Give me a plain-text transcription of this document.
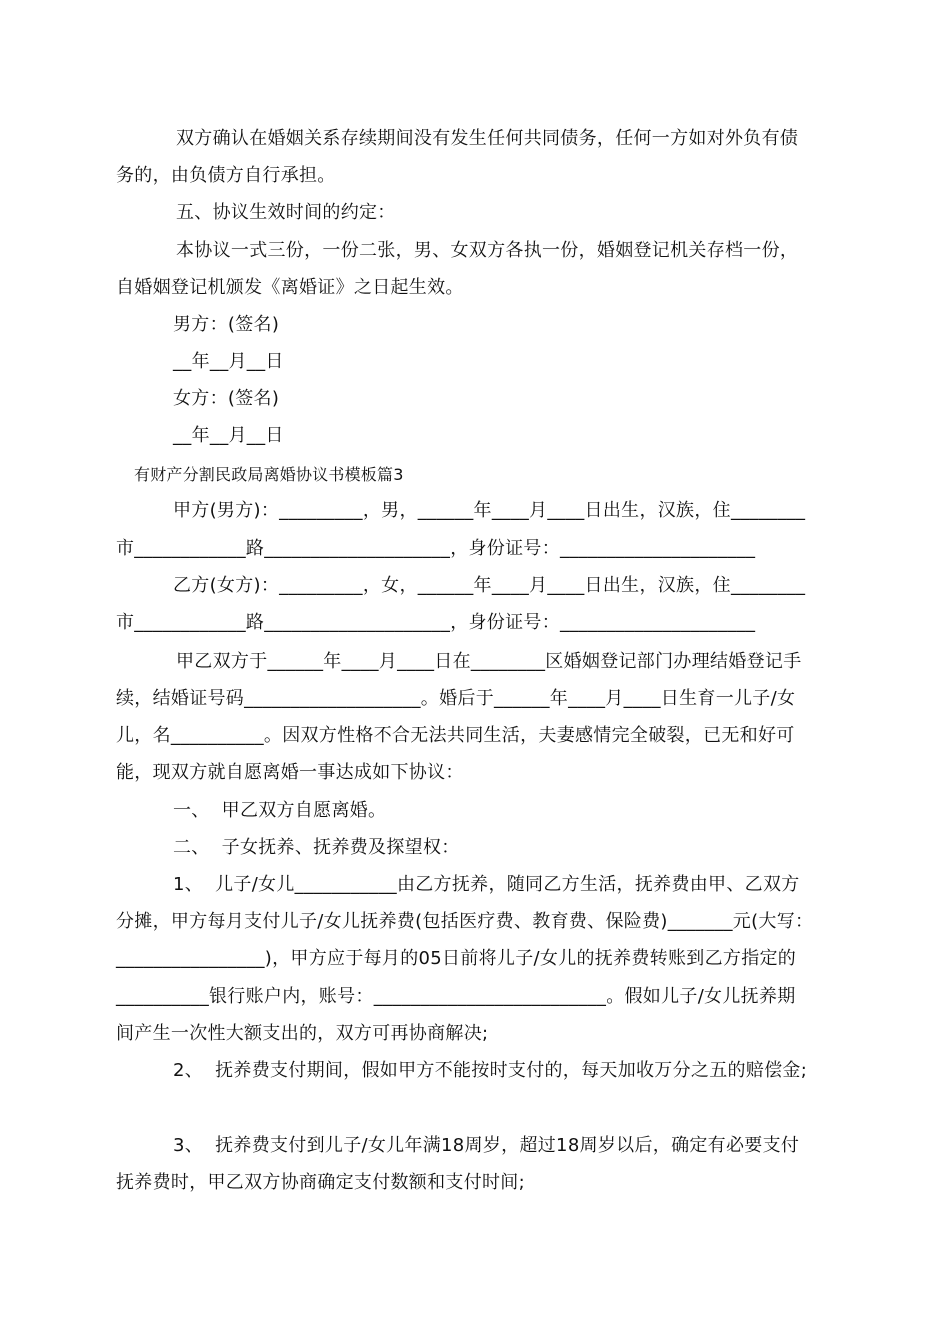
双方确认在婚姻关系存续期间没有发生任何共同债务，任何一方如对外负有债
务的，由负债方自行承担。
五、协议生效时间的约定：
本协议一式三份，一份二张，男、女双方各执一份，婚姻登记机关存档一份，
自婚姻登记机颁发《离婚证》之日起生效。
男方：(签名)
__年__月__日
女方：(签名)
__年__月__日
有财产分割民政局离婚协议书模板篇3
甲方(男方)：_________，男，______年____月____日出生，汉族，住________
市____________路____________________，身份证号：_____________________
乙方(女方)：_________，女，______年____月____日出生，汉族，住________
市____________路____________________，身份证号：_____________________
甲乙双方于______年____月____日在________区婚姻登记部门办理结婚登记手
续，结婚证号码___________________。婚后于______年____月____日生育一儿子/女
儿，名__________。因双方性格不合无法共同生活，夫妻感情完全破裂，已无和好可
能，现双方就自愿离婚一事达成如下协议：
一、  甲乙双方自愿离婚。
二、  子女抚养、抚养费及探望权：
1、  儿子/女儿___________由乙方抚养，随同乙方生活，抚养费由甲、乙双方
分摊，甲方每月支付儿子/女儿抚养费(包括医疗费、教育费、保险费)_______元(大写：
________________)，甲方应于每月的05日前将儿子/女儿的抚养费转账到乙方指定的
__________银行账户内，账号：_________________________。假如儿子/女儿抚养期
间产生一次性大额支出的，双方可再协商解决;
2、  抚养费支付期间，假如甲方不能按时支付的，每天加收万分之五的赔偿金;
3、  抚养费支付到儿子/女儿年满18周岁，超过18周岁以后，确定有必要支付
抚养费时，甲乙双方协商确定支付数额和支付时间;
